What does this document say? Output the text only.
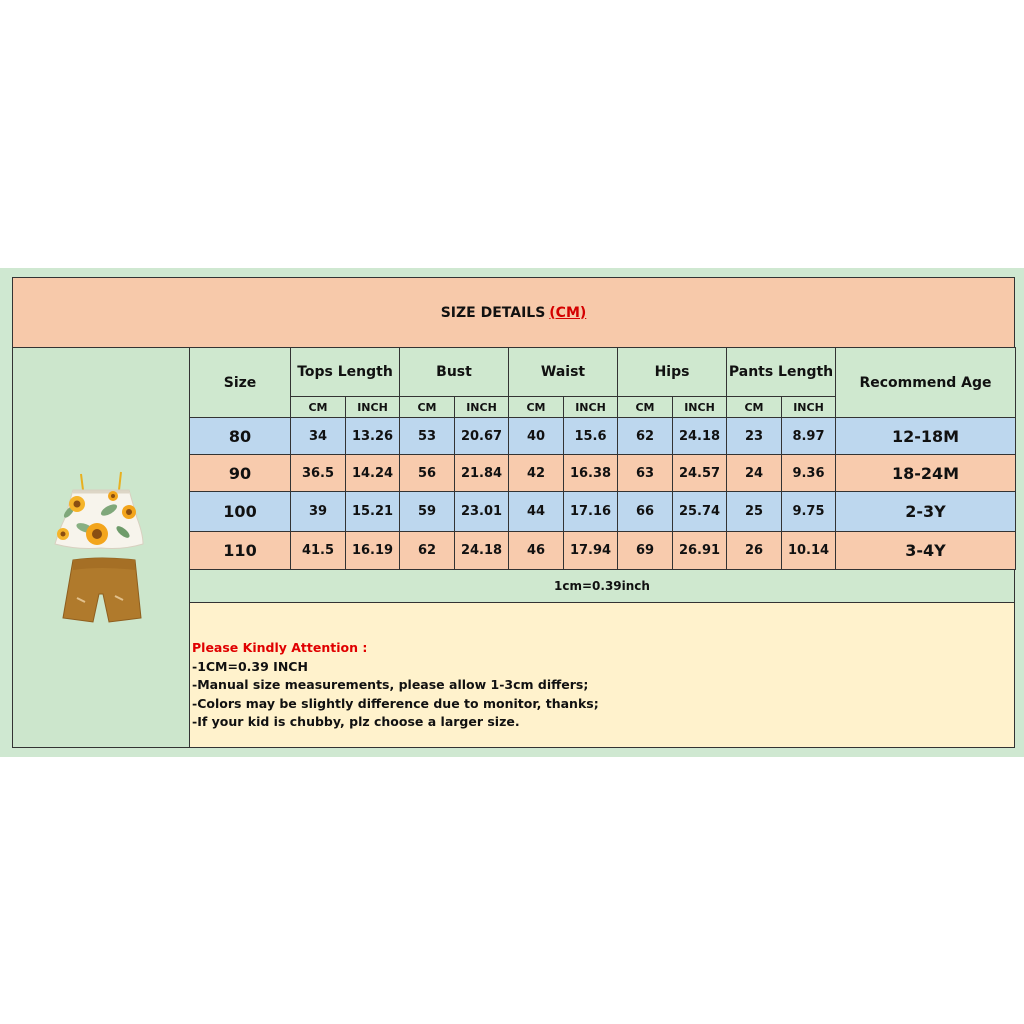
SIZE DETAILS (CM)
Size	Tops Length		Bust		Waist		Hips		Pants Length		Recommend Age
	CM	INCH	CM	INCH	CM	INCH	CM	INCH	CM	INCH	
80	34	13.26	53	20.67	40	15.6	62	24.18	23	8.97	12-18M
90	36.5	14.24	56	21.84	42	16.38	63	24.57	24	9.36	18-24M
100	39	15.21	59	23.01	44	17.16	66	25.74	25	9.75	2-3Y
110	41.5	16.19	62	24.18	46	17.94	69	26.91	26	10.14	3-4Y
1cm=0.39inch
Please Kindly Attention :
-1CM=0.39 INCH
-Manual size measurements, please allow 1-3cm differs;
-Colors may be slightly difference due to monitor, thanks;
-If your kid is chubby, plz choose a larger size.
